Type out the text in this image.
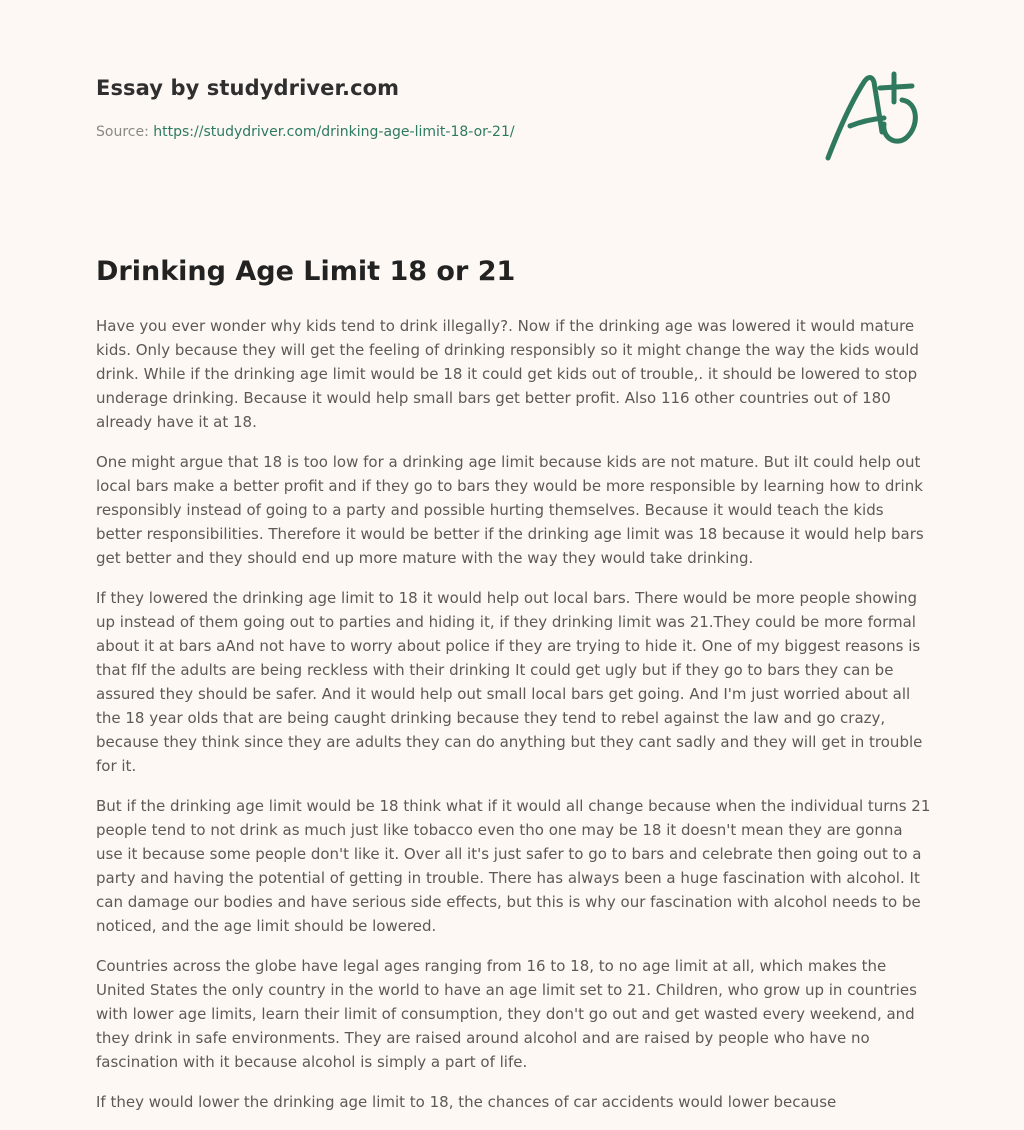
Essay by studydriver.com
Source: https://studydriver.com/drinking-age-limit-18-or-21/
Drinking Age Limit 18 or 21

Have you ever wonder why kids tend to drink illegally?. Now if the drinking age was lowered it would mature kids. Only because they will get the feeling of drinking responsibly so it might change the way the kids would drink. While if the drinking age limit would be 18 it could get kids out of trouble,. it should be lowered to stop underage drinking. Because it would help small bars get better profit. Also 116 other countries out of 180 already have it at 18.

One might argue that 18 is too low for a drinking age limit because kids are not mature. But iIt could help out local bars make a better profit and if they go to bars they would be more responsible by learning how to drink responsibly instead of going to a party and possible hurting themselves. Because it would teach the kids better responsibilities. Therefore it would be better if the drinking age limit was 18 because it would help bars get better and they should end up more mature with the way they would take drinking.

If they lowered the drinking age limit to 18 it would help out local bars. There would be more people showing up instead of them going out to parties and hiding it, if they drinking limit was 21.They could be more formal about it at bars aAnd not have to worry about police if they are trying to hide it. One of my biggest reasons is that fIf the adults are being reckless with their drinking It could get ugly but if they go to bars they can be assured they should be safer. And it would help out small local bars get going. And I'm just worried about all the 18 year olds that are being caught drinking because they tend to rebel against the law and go crazy, because they think since they are adults they can do anything but they cant sadly and they will get in trouble for it.

But if the drinking age limit would be 18 think what if it would all change because when the individual turns 21 people tend to not drink as much just like tobacco even tho one may be 18 it doesn't mean they are gonna use it because some people don't like it. Over all it's just safer to go to bars and celebrate then going out to a party and having the potential of getting in trouble. There has always been a huge fascination with alcohol. It can damage our bodies and have serious side effects, but this is why our fascination with alcohol needs to be noticed, and the age limit should be lowered.

Countries across the globe have legal ages ranging from 16 to 18, to no age limit at all, which makes the United States the only country in the world to have an age limit set to 21. Children, who grow up in countries with lower age limits, learn their limit of consumption, they don't go out and get wasted every weekend, and they drink in safe environments. They are raised around alcohol and are raised by people who have no fascination with it because alcohol is simply a part of life.

If they would lower the drinking age limit to 18, the chances of car accidents would lower because
